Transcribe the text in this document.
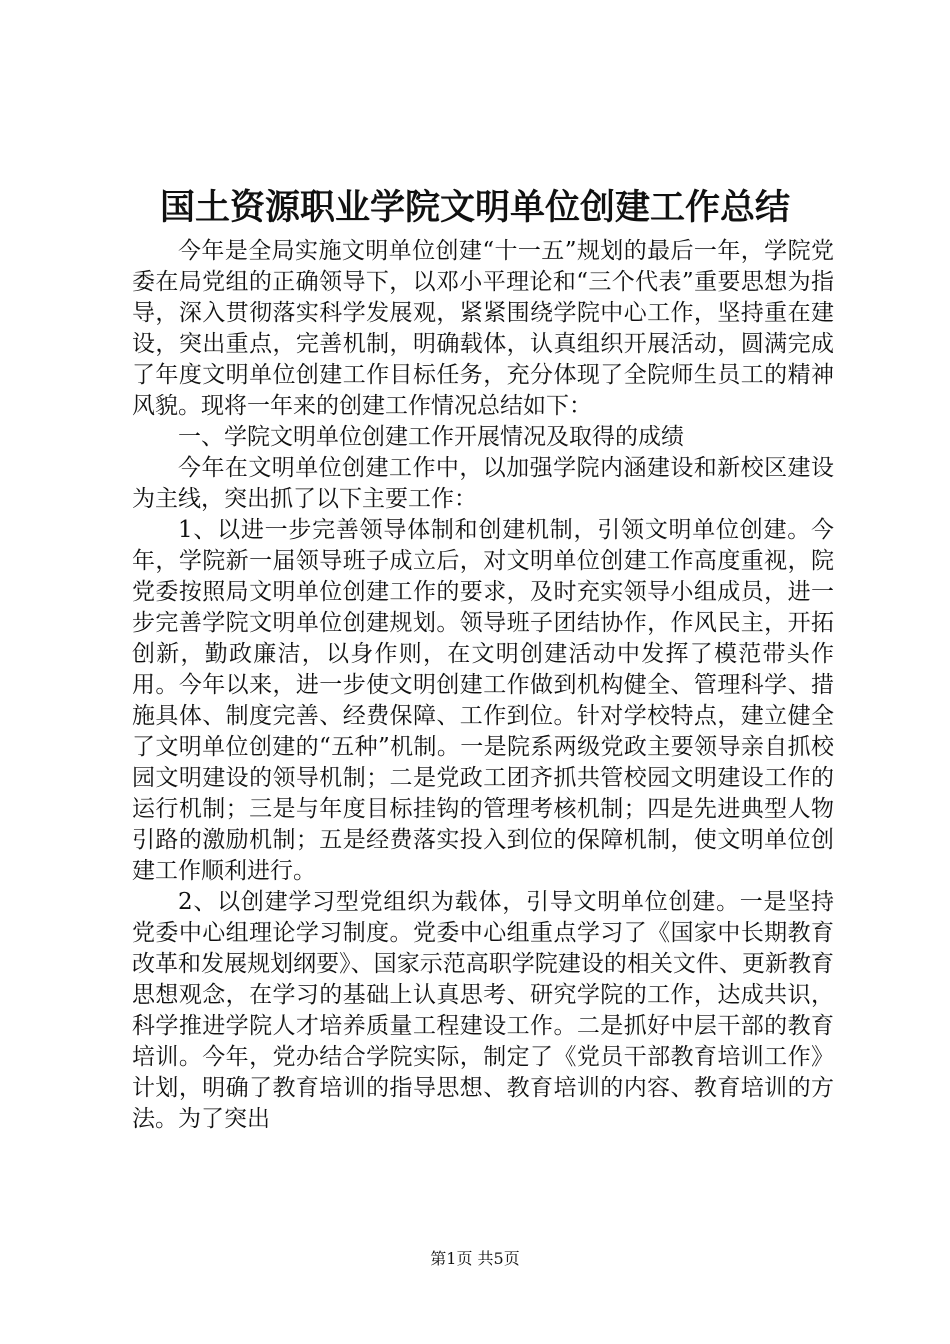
国土资源职业学院文明单位创建工作总结

今年是全局实施文明单位创建“十一五”规划的最后一年，学院党委在局党组的正确领导下，以邓小平理论和“三个代表”重要思想为指导，深入贯彻落实科学发展观，紧紧围绕学院中心工作，坚持重在建设，突出重点，完善机制，明确载体，认真组织开展活动，圆满完成了年度文明单位创建工作目标任务，充分体现了全院师生员工的精神风貌。现将一年来的创建工作情况总结如下：

一、学院文明单位创建工作开展情况及取得的成绩

今年在文明单位创建工作中，以加强学院内涵建设和新校区建设为主线，突出抓了以下主要工作：

1、以进一步完善领导体制和创建机制，引领文明单位创建。今年，学院新一届领导班子成立后，对文明单位创建工作高度重视，院党委按照局文明单位创建工作的要求，及时充实领导小组成员，进一步完善学院文明单位创建规划。领导班子团结协作，作风民主，开拓创新，勤政廉洁，以身作则，在文明创建活动中发挥了模范带头作用。今年以来，进一步使文明创建工作做到机构健全、管理科学、措施具体、制度完善、经费保障、工作到位。针对学校特点，建立健全了文明单位创建的“五种”机制。一是院系两级党政主要领导亲自抓校园文明建设的领导机制；二是党政工团齐抓共管校园文明建设工作的运行机制；三是与年度目标挂钩的管理考核机制；四是先进典型人物引路的激励机制；五是经费落实投入到位的保障机制，使文明单位创建工作顺利进行。

2、以创建学习型党组织为载体，引导文明单位创建。一是坚持党委中心组理论学习制度。党委中心组重点学习了《国家中长期教育改革和发展规划纲要》、国家示范高职学院建设的相关文件、更新教育思想观念，在学习的基础上认真思考、研究学院的工作，达成共识，科学推进学院人才培养质量工程建设工作。二是抓好中层干部的教育培训。今年，党办结合学院实际，制定了《党员干部教育培训工作》计划，明确了教育培训的指导思想、教育培训的内容、教育培训的方法。为了突出

第1页 共5页
